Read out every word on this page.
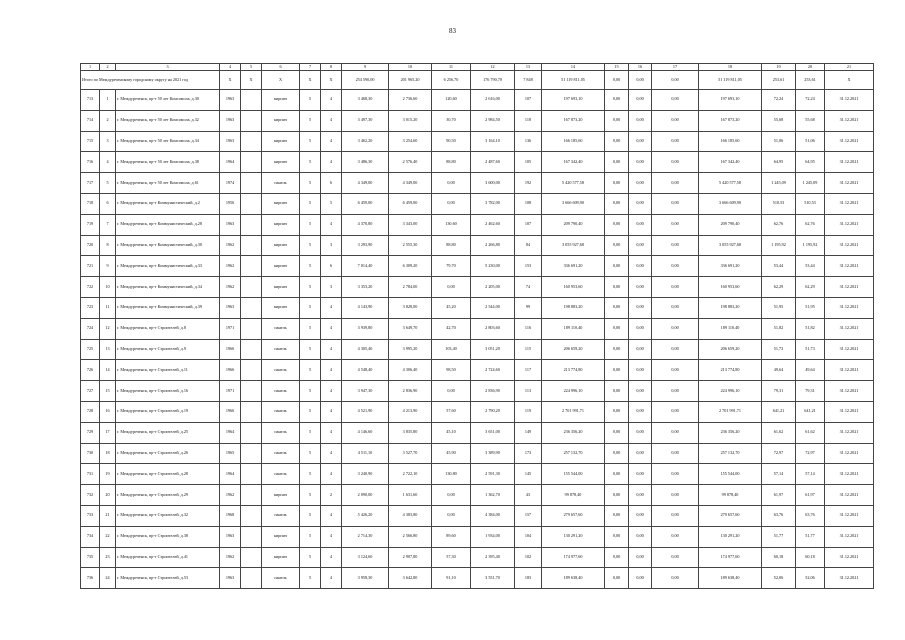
83
1	2	3	4	5	6	7	8	9	10	11	12	13	14	15	16	17	18	19	20	21
Итого по Междуреченскому городскому округу на 2021 год			X	X	X	X	X	254 590,00	201 965,20	6 256,70	176 790,70	7 848	51 119 811,05	0,00	0,00	0,00	51 119 811,05	253,61	253,61	X
713	1	г. Междуреченск, пр-т 50 лет Комсомола, д.30	1963		кирпич	5	4	3 468,30	2 736,60	120,60	2 616,00	107	197 693,10	0,00	0,00	0,00	197 693,10	72,24	72,24	31.12.2021
714	2	г. Междуреченск, пр-т 50 лет Комсомола, д.32	1963		кирпич	5	4	3 497,30	3 015,20	30,70	2 984,50	118	167 873,20	0,00	0,00	0,00	167 873,20	55,68	55,68	31.12.2021
715	3	г. Междуреченск, пр-т 50 лет Комсомола, д.34	1963		кирпич	5	4	3 462,20	3 254,60	90,50	3 164,10	136	166 185,60	0,00	0,00	0,00	166 185,60	51,06	51,06	31.12.2021
716	4	г. Междуреченск, пр-т 50 лет Комсомола, д.38	1964		кирпич	5	4	3 486,30	2 576,40	88,80	2 487,60	105	167 342,40	0,00	0,00	0,00	167 342,40	64,95	64,95	31.12.2021
717	5	г. Междуреченск, пр-т 50 лет Комсомола, д.61	1974		панель	5	6	4 349,00	4 349,00	0,00	3 600,00	192	5 420 577,58	0,00	0,00	0,00	5 420 577,58	1 245,09	1 245,09	31.12.2021
718	6	г. Междуреченск, пр-т Коммунистический, д.2	1956		кирпич	5	5	6 459,00	6 459,00	0,00	3 782,00	108	3 666 609,90	0,00	0,00	0,00	3 666 609,90	510,53	510,53	31.12.2021
719	7	г. Междуреченск, пр-т Коммунистический, д.28	1963		кирпич	5	4	4 370,80	3 343,00	130,60	2 462,60	107	209 790,40	0,00	0,00	0,00	209 790,40	62,76	62,76	31.12.2021
720	8	г. Междуреченск, пр-т Коммунистический, д.30	1962		кирпич	5	3	3 293,90	2 555,30	88,80	2 266,80	84	3 055 927,68	0,00	0,00	0,00	3 055 927,68	1 195,92	1 195,92	31.12.2021
721	9	г. Междуреченск, пр-т Коммунистический, д.33	1962		кирпич	5	6	7 014,40	6 309,20	79,70	5 230,00	153	336 691,20	0,00	0,00	0,00	336 691,20	53,44	53,44	31.12.2021
722	10	г. Междуреченск, пр-т Коммунистический, д.34	1962		кирпич	5	3	3 353,20	2 784,00	0,00	2 205,00	74	160 953,60	0,00	0,00	0,00	160 953,60	62,29	62,29	31.12.2021
723	11	г. Междуреченск, пр-т Коммунистический, д.39	1963		кирпич	5	4	4 143,90	3 828,00	45,20	2 544,00	99	198 883,20	0,00	0,00	0,00	198 883,20	51,95	51,95	31.12.2021
724	12	г. Междуреченск, пр-т Строителей, д.8	1971		панель	5	4	3 939,80	3 649,70	42,70	2 803,60	116	189 110,40	0,00	0,00	0,00	189 110,40	51,82	51,82	31.12.2021
725	13	г. Междуреченск, пр-т Строителей, д.9	1966		панель	5	4	4 305,40	3 995,20	103,40	3 051,20	115	206 659,20	0,00	0,00	0,00	206 659,20	51,73	51,73	31.12.2021
726	14	г. Междуреченск, пр-т Строителей, д.11	1966		панель	5	4	4 548,40	4 306,40	98,50	2 724,60	117	213 774,80	0,00	0,00	0,00	213 774,80	49,64	49,64	31.12.2021
727	15	г. Междуреченск, пр-т Строителей, д.16	1971		панель	5	4	3 947,30	2 836,90	0,00	2 836,90	113	224 996,10	0,00	0,00	0,00	224 996,10	79,31	79,31	31.12.2021
728	16	г. Междуреченск, пр-т Строителей, д.19	1966		панель	5	4	4 521,90	4 213,90	57,60	2 790,20	119	2 701 991,71	0,00	0,00	0,00	2 701 991,71	641,21	641,21	31.12.2021
729	17	г. Междуреченск, пр-т Строителей, д.25	1964		панель	5	4	4 146,60	3 835,80	45,10	3 651,00	149	236 356,20	0,00	0,00	0,00	236 356,20	61,62	61,62	31.12.2021
730	18	г. Междуреченск, пр-т Строителей, д.26	1965		панель	5	4	4 511,10	3 527,70	45,90	3 389,90	173	257 132,70	0,00	0,00	0,00	257 132,70	72,97	72,97	31.12.2021
731	19	г. Междуреченск, пр-т Строителей, д.28	1964		панель	5	4	3 240,90	2 722,10	130,80	2 591,30	145	155 544,00	0,00	0,00	0,00	155 544,00	57,14	57,14	31.12.2021
732	20	г. Междуреченск, пр-т Строителей, д.29	1962		кирпич	5	2	2 090,00	1 631,60	0,00	1 362,70	43	99 878,40	0,00	0,00	0,00	99 878,40	61,97	61,97	31.12.2021
733	21	г. Междуреченск, пр-т Строителей, д.32	1968		панель	5	4	5 426,20	4 383,80	0,00	4 384,00	157	279 657,60	0,00	0,00	0,00	279 657,60	63,76	63,76	31.12.2021
734	22	г. Междуреченск, пр-т Строителей, д.38	1963		кирпич	5	4	2 714,30	2 566,80	89,60	1 934,00	104	130 291,20	0,00	0,00	0,00	130 291,20	51,77	51,77	31.12.2021
735	23	г. Междуреченск, пр-т Строителей, д.41	1962		кирпич	5	4	3 124,60	2 907,80	57,30	2 395,40	102	174 977,60	0,00	0,00	0,00	174 977,60	60,18	60,18	31.12.2021
736	24	г. Междуреченск, пр-т Строителей, д.53	1963		панель	5	4	3 958,30	3 642,80	91,10	3 551,70	183	189 638,40	0,00	0,00	0,00	189 638,40	52,06	52,06	31.12.2021
